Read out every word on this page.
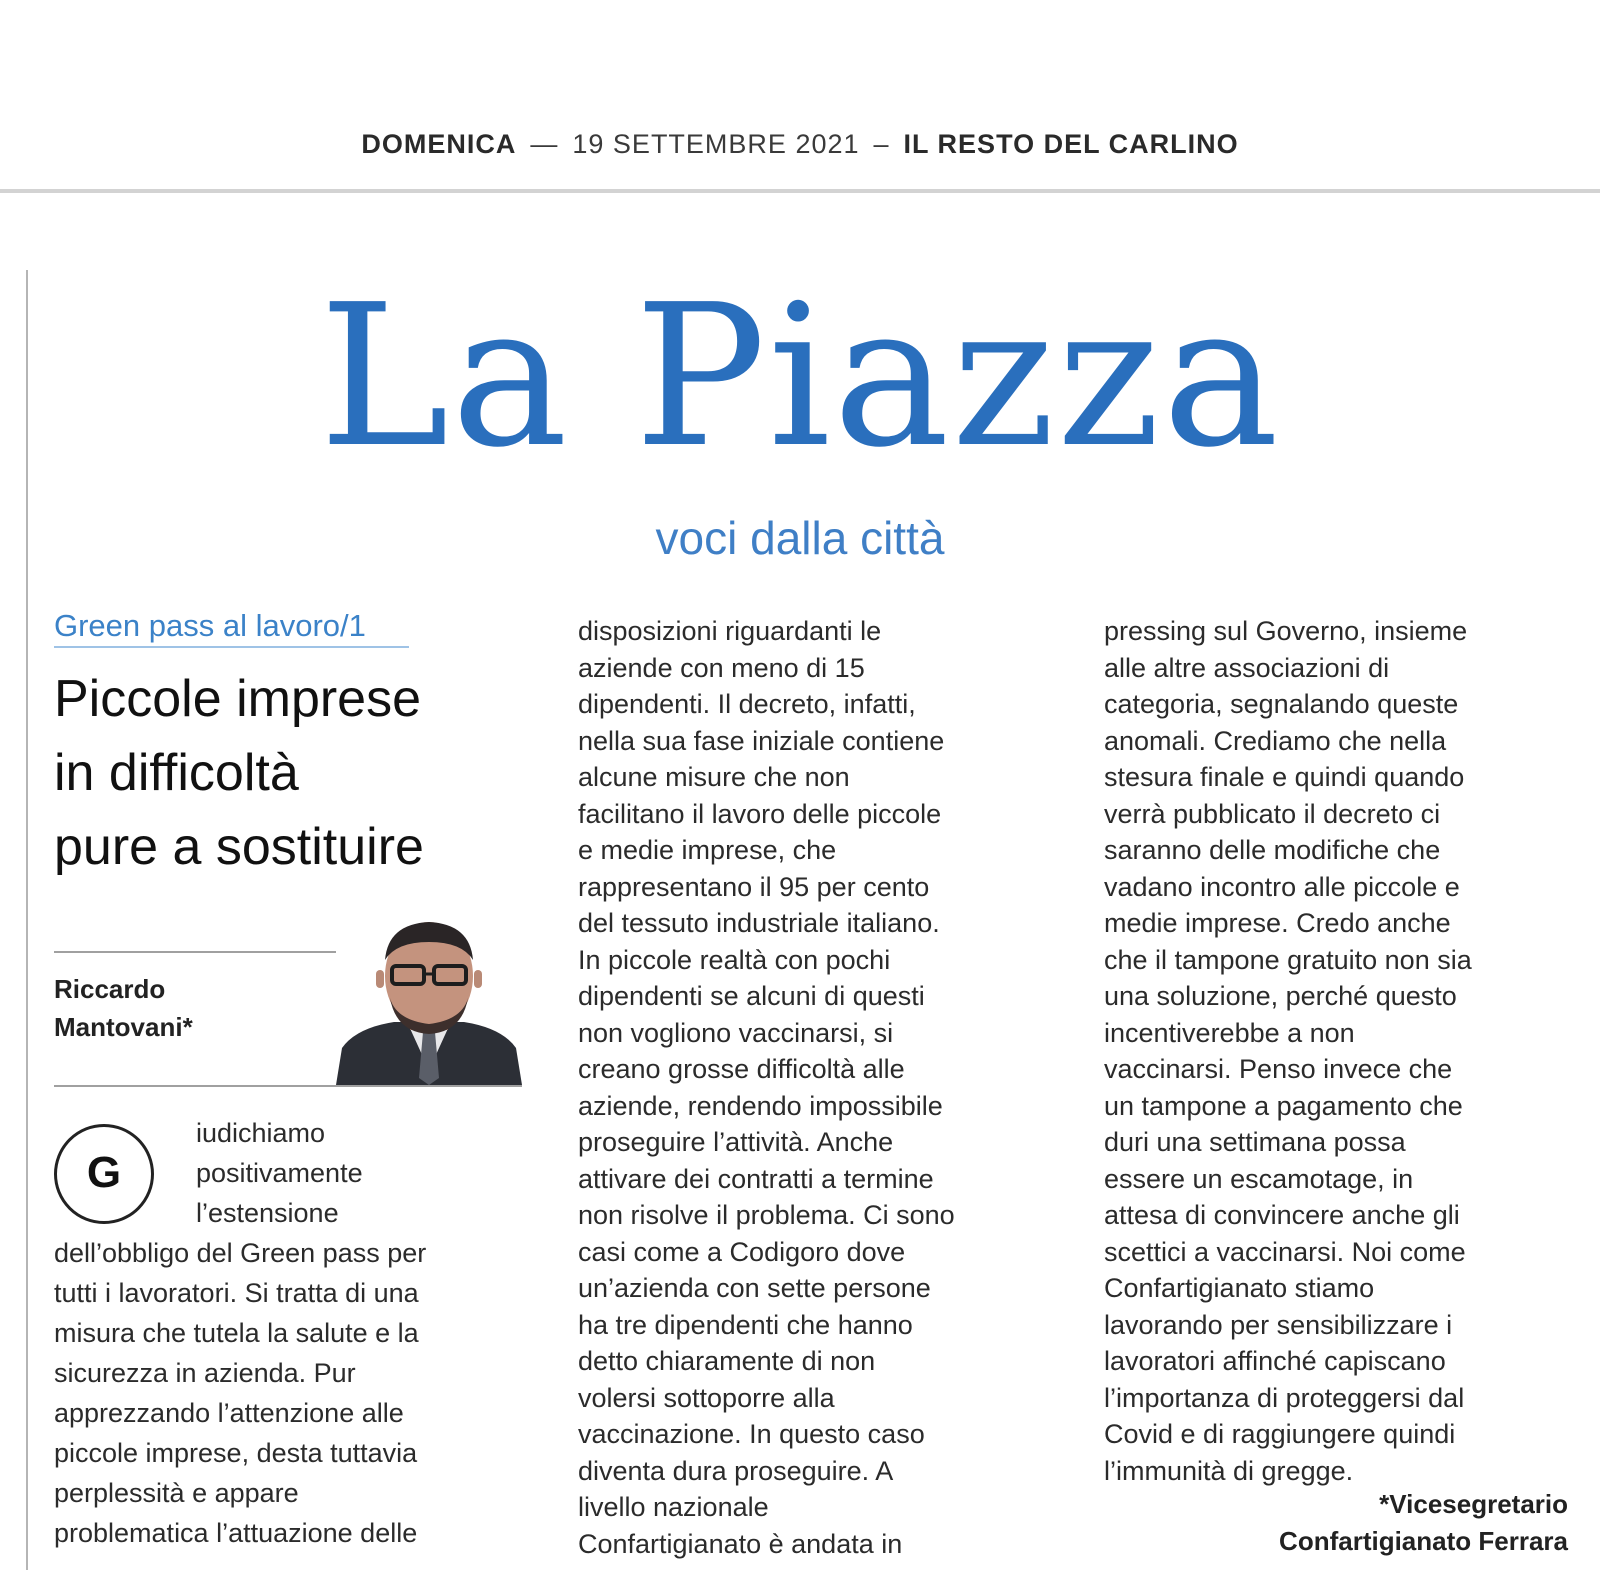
DOMENICA — 19 SETTEMBRE 2021 – IL RESTO DEL CARLINO
La Piazza
voci dalla città
Green pass al lavoro/1
Piccole imprese
in difficoltà
pure a sostituire
Riccardo
Mantovani*
G
iudichiamo
positivamente
l’estensione
dell’obbligo del Green pass per
tutti i lavoratori. Si tratta di una
misura che tutela la salute e la
sicurezza in azienda. Pur
apprezzando l’attenzione alle
piccole imprese, desta tuttavia
perplessità e appare
problematica l’attuazione delle
disposizioni riguardanti le
aziende con meno di 15
dipendenti. Il decreto, infatti,
nella sua fase iniziale contiene
alcune misure che non
facilitano il lavoro delle piccole
e medie imprese, che
rappresentano il 95 per cento
del tessuto industriale italiano.
In piccole realtà con pochi
dipendenti se alcuni di questi
non vogliono vaccinarsi, si
creano grosse difficoltà alle
aziende, rendendo impossibile
proseguire l’attività. Anche
attivare dei contratti a termine
non risolve il problema. Ci sono
casi come a Codigoro dove
un’azienda con sette persone
ha tre dipendenti che hanno
detto chiaramente di non
volersi sottoporre alla
vaccinazione. In questo caso
diventa dura proseguire. A
livello nazionale
Confartigianato è andata in
pressing sul Governo, insieme
alle altre associazioni di
categoria, segnalando queste
anomali. Crediamo che nella
stesura finale e quindi quando
verrà pubblicato il decreto ci
saranno delle modifiche che
vadano incontro alle piccole e
medie imprese. Credo anche
che il tampone gratuito non sia
una soluzione, perché questo
incentiverebbe a non
vaccinarsi. Penso invece che
un tampone a pagamento che
duri una settimana possa
essere un escamotage, in
attesa di convincere anche gli
scettici a vaccinarsi. Noi come
Confartigianato stiamo
lavorando per sensibilizzare i
lavoratori affinché capiscano
l’importanza di proteggersi dal
Covid e di raggiungere quindi
l’immunità di gregge.
*Vicesegretario
Confartigianato Ferrara
